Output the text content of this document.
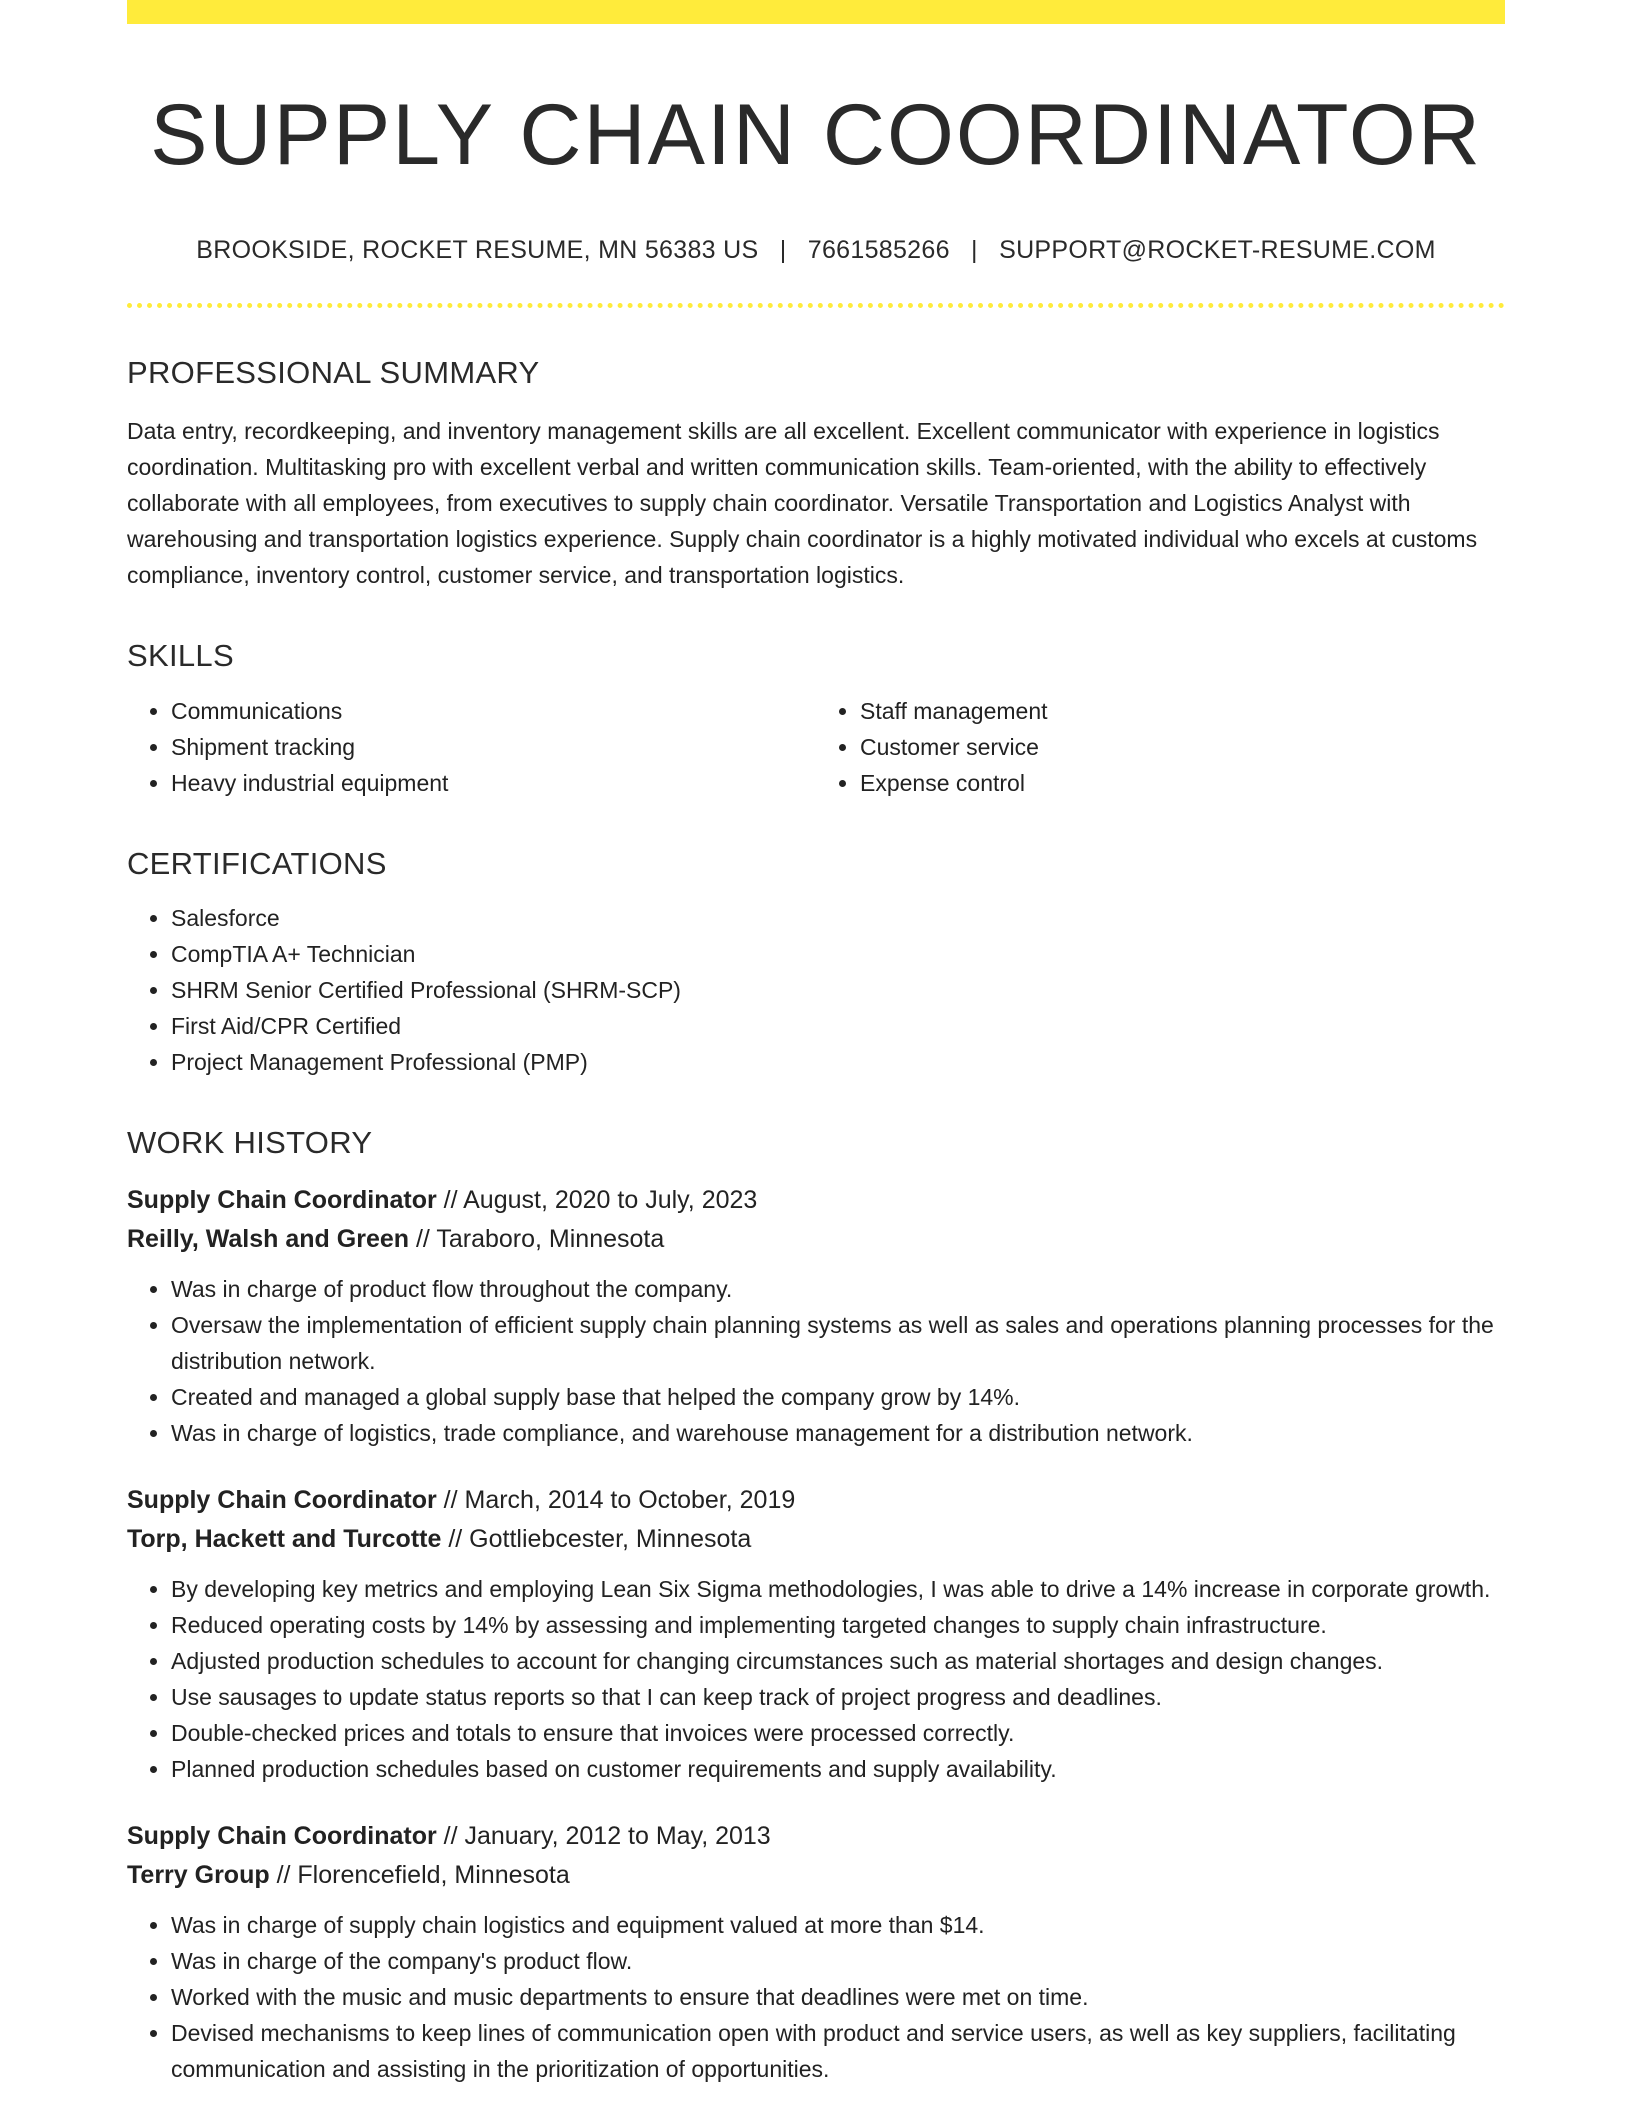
SUPPLY CHAIN COORDINATOR
BROOKSIDE, ROCKET RESUME, MN 56383 US | 7661585266 | SUPPORT@ROCKET-RESUME.COM
PROFESSIONAL SUMMARY

Data entry, recordkeeping, and inventory management skills are all excellent. Excellent communicator with experience in logistics coordination. Multitasking pro with excellent verbal and written communication skills. Team-oriented, with the ability to effectively collaborate with all employees, from executives to supply chain coordinator. Versatile Transportation and Logistics Analyst with warehousing and transportation logistics experience. Supply chain coordinator is a highly motivated individual who excels at customs compliance, inventory control, customer service, and transportation logistics.

SKILLS
• Communications
• Shipment tracking
• Heavy industrial equipment
• Staff management
• Customer service
• Expense control
CERTIFICATIONS
• Salesforce
• CompTIA A+ Technician
• SHRM Senior Certified Professional (SHRM-SCP)
• First Aid/CPR Certified
• Project Management Professional (PMP)
WORK HISTORY
Supply Chain Coordinator // August, 2020 to July, 2023
Reilly, Walsh and Green // Taraboro, Minnesota
• Was in charge of product flow throughout the company.
• Oversaw the implementation of efficient supply chain planning systems as well as sales and operations planning processes for the distribution network.
• Created and managed a global supply base that helped the company grow by 14%.
• Was in charge of logistics, trade compliance, and warehouse management for a distribution network.
Supply Chain Coordinator // March, 2014 to October, 2019
Torp, Hackett and Turcotte // Gottliebcester, Minnesota
• By developing key metrics and employing Lean Six Sigma methodologies, I was able to drive a 14% increase in corporate growth.
• Reduced operating costs by 14% by assessing and implementing targeted changes to supply chain infrastructure.
• Adjusted production schedules to account for changing circumstances such as material shortages and design changes.
• Use sausages to update status reports so that I can keep track of project progress and deadlines.
• Double-checked prices and totals to ensure that invoices were processed correctly.
• Planned production schedules based on customer requirements and supply availability.
Supply Chain Coordinator // January, 2012 to May, 2013
Terry Group // Florencefield, Minnesota
• Was in charge of supply chain logistics and equipment valued at more than $14.
• Was in charge of the company's product flow.
• Worked with the music and music departments to ensure that deadlines were met on time.
• Devised mechanisms to keep lines of communication open with product and service users, as well as key suppliers, facilitating communication and assisting in the prioritization of opportunities.
